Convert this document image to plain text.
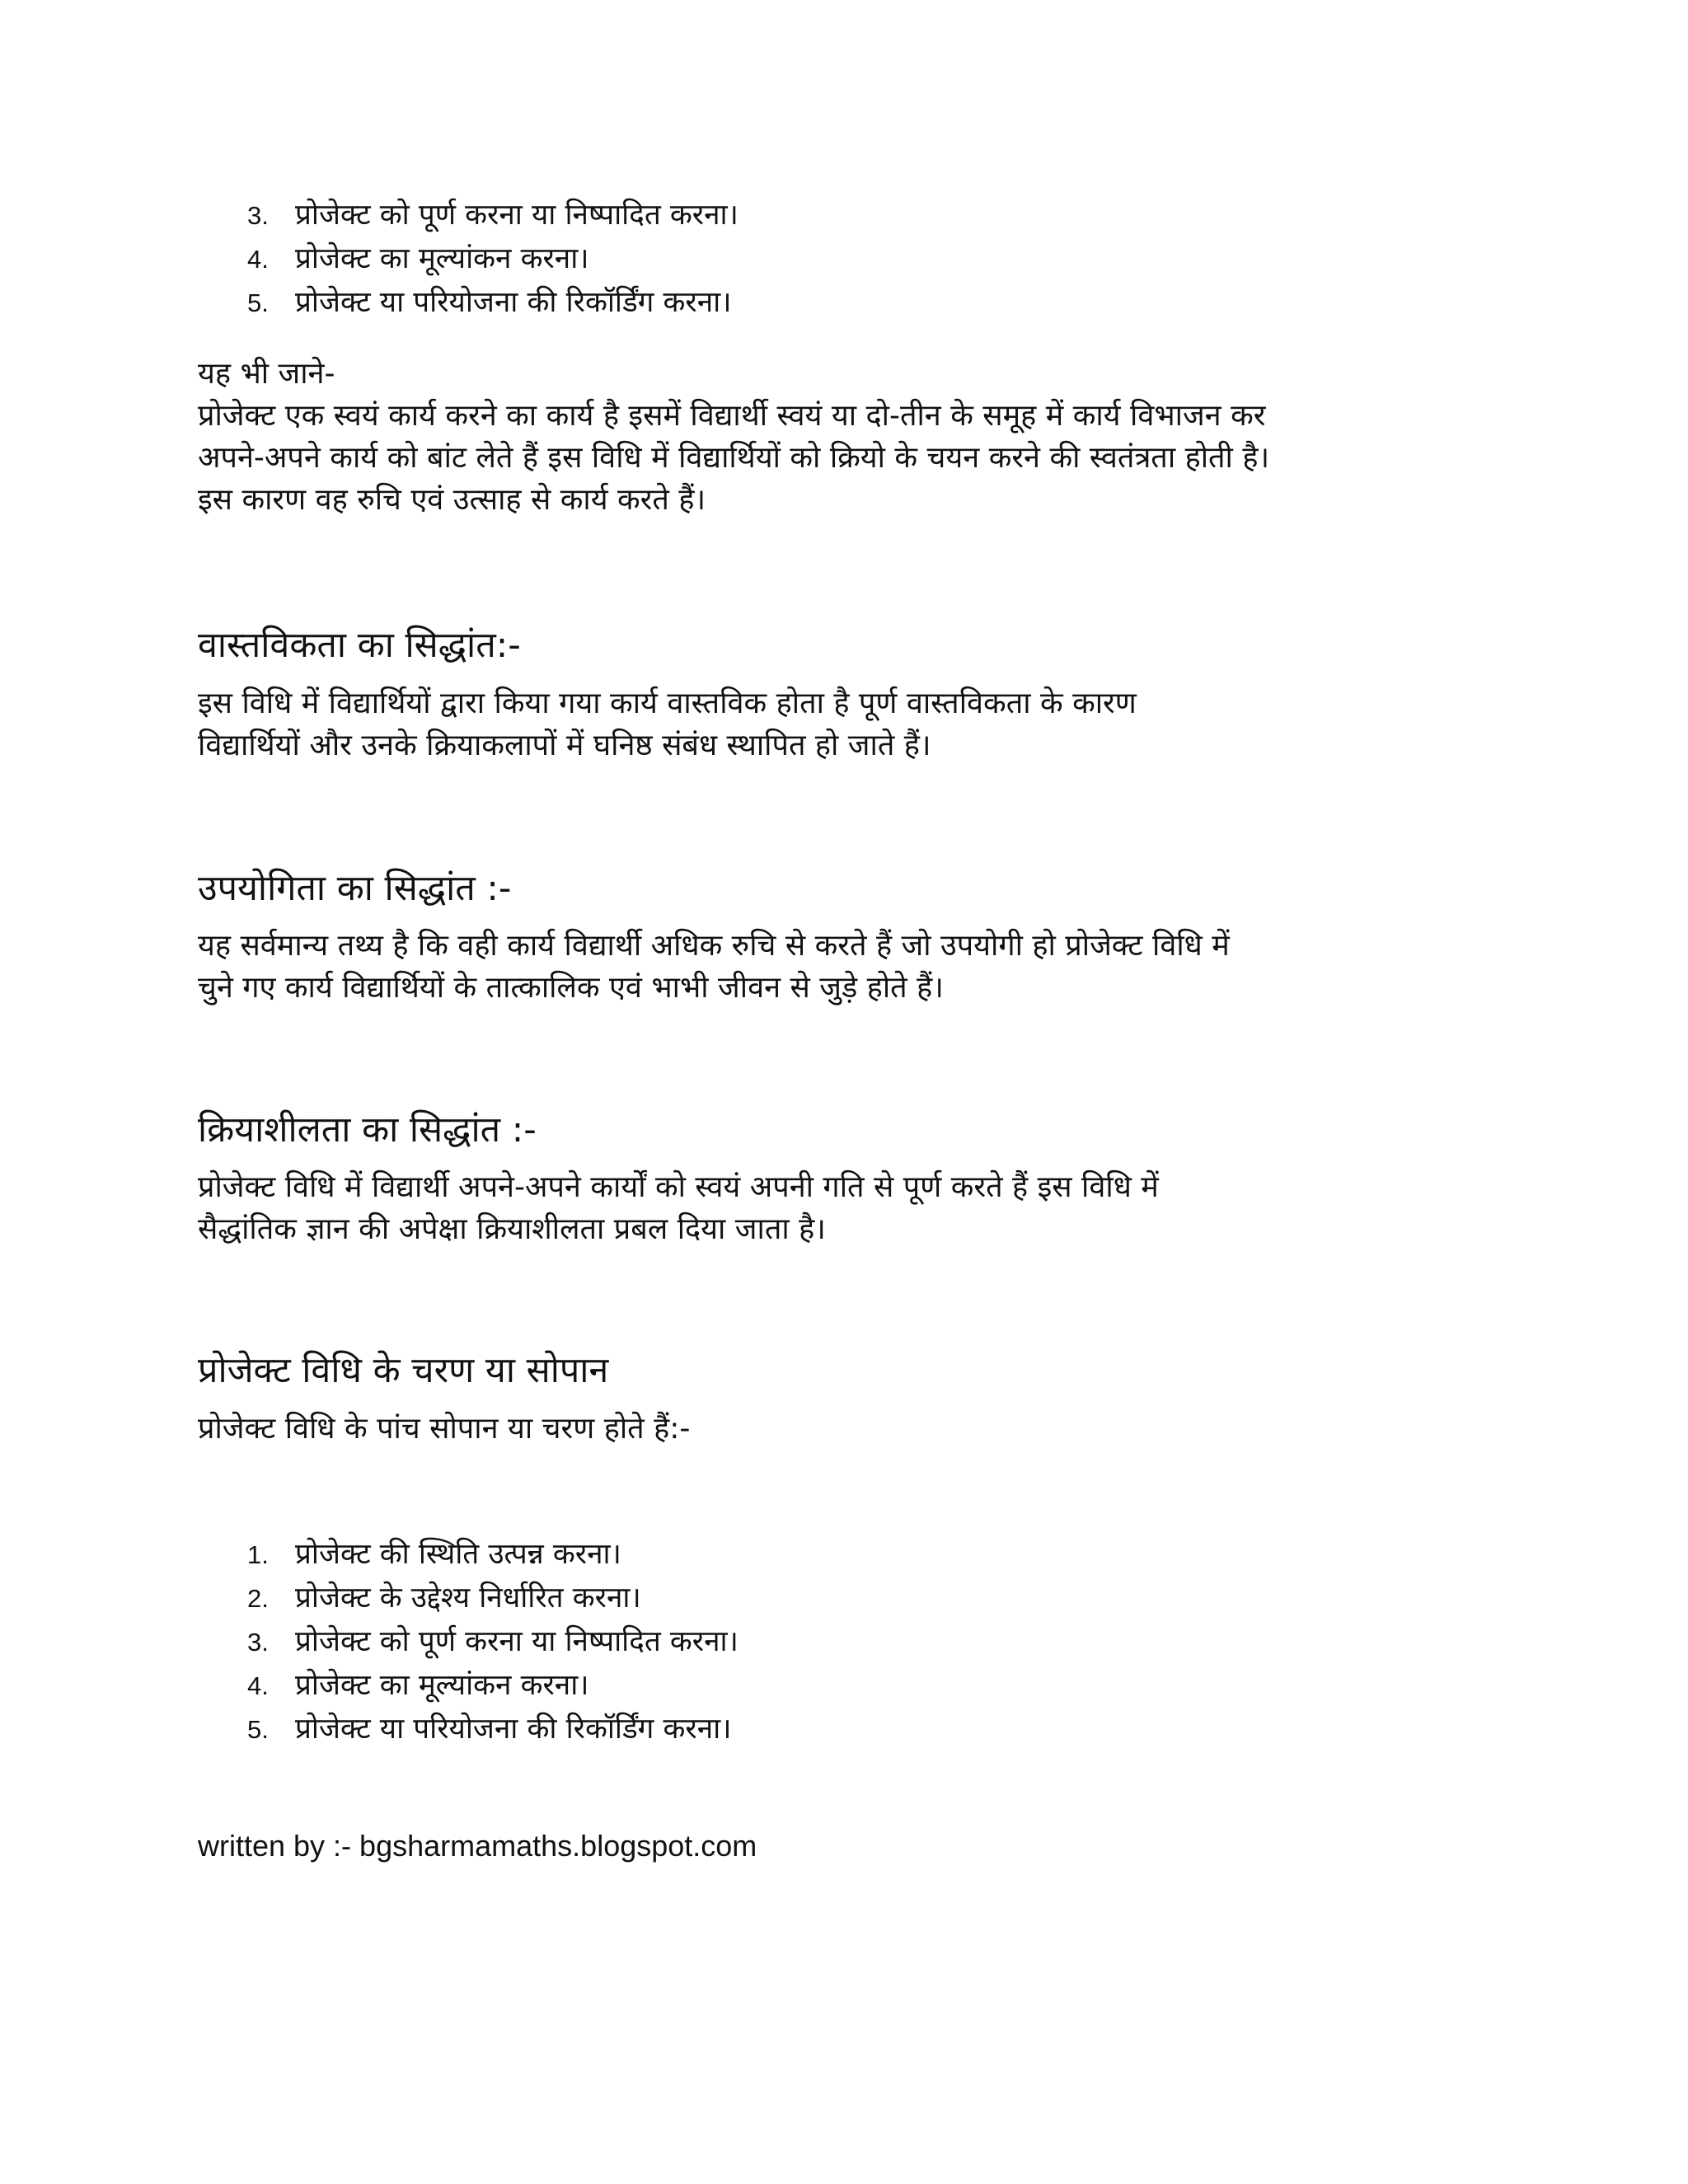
3. प्रोजेक्ट को पूर्ण करना या निष्पादित करना।
4. प्रोजेक्ट का मूल्यांकन करना।
5. प्रोजेक्ट या परियोजना की रिकॉर्डिंग करना।
यह भी जाने-
प्रोजेक्ट एक स्वयं कार्य करने का कार्य है इसमें विद्यार्थी स्वयं या दो-तीन के समूह में कार्य विभाजन कर
अपने-अपने कार्य को बांट लेते हैं इस विधि में विद्यार्थियों को क्रियो के चयन करने की स्वतंत्रता होती है।
इस कारण वह रुचि एवं उत्साह से कार्य करते हैं।
वास्तविकता का सिद्धांत:-
इस विधि में विद्यार्थियों द्वारा किया गया कार्य वास्तविक होता है पूर्ण वास्तविकता के कारण
विद्यार्थियों और उनके क्रियाकलापों में घनिष्ठ संबंध स्थापित हो जाते हैं।
उपयोगिता का सिद्धांत :-
यह सर्वमान्य तथ्य है कि वही कार्य विद्यार्थी अधिक रुचि से करते हैं जो उपयोगी हो प्रोजेक्ट विधि में
चुने गए कार्य विद्यार्थियों के तात्कालिक एवं भाभी जीवन से जुड़े होते हैं।
क्रियाशीलता का सिद्धांत :-
प्रोजेक्ट विधि में विद्यार्थी अपने-अपने कार्यों को स्वयं अपनी गति से पूर्ण करते हैं इस विधि में
सैद्धांतिक ज्ञान की अपेक्षा क्रियाशीलता प्रबल दिया जाता है।
प्रोजेक्ट विधि के चरण या सोपान
प्रोजेक्ट विधि के पांच सोपान या चरण होते हैं:-
1. प्रोजेक्ट की स्थिति उत्पन्न करना।
2. प्रोजेक्ट के उद्देश्य निर्धारित करना।
3. प्रोजेक्ट को पूर्ण करना या निष्पादित करना।
4. प्रोजेक्ट का मूल्यांकन करना।
5. प्रोजेक्ट या परियोजना की रिकॉर्डिंग करना।

written by :- bgsharmamaths.blogspot.com
